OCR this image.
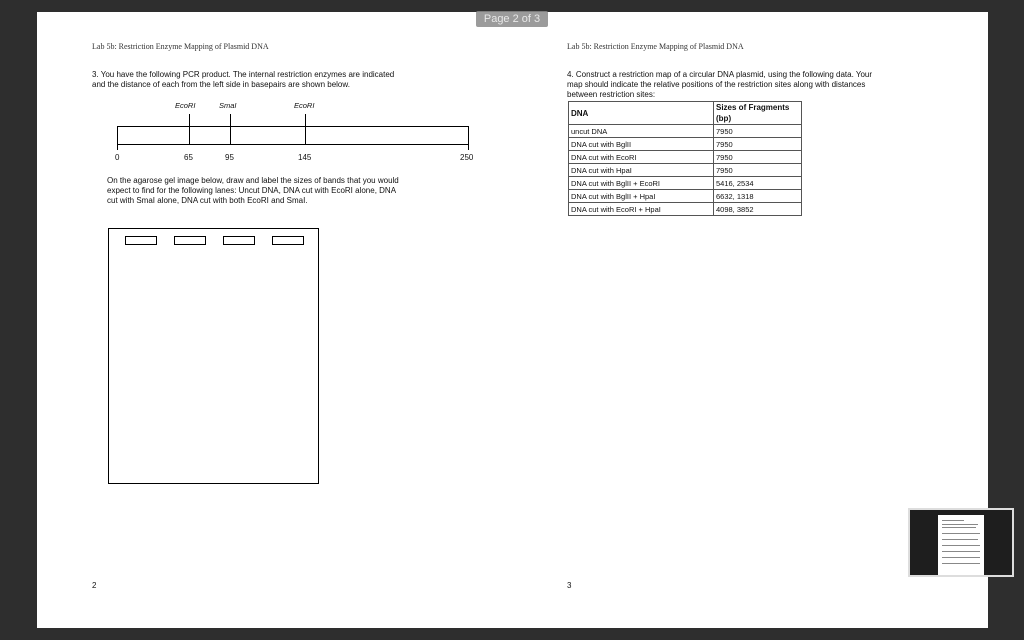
Page 2 of 3
Lab 5b: Restriction Enzyme Mapping of Plasmid DNA
3. You have the following PCR product. The internal restriction enzymes are indicated
and the distance of each from the left side in basepairs are shown below.
EcoRI	SmaI	EcoRI
0	65	95	145	250
On the agarose gel image below, draw and label the sizes of bands that you would
expect to find for the following lanes: Uncut DNA, DNA cut with EcoRI alone, DNA
cut with SmaI alone, DNA cut with both EcoRI and SmaI.
2
Lab 5b: Restriction Enzyme Mapping of Plasmid DNA
4. Construct a restriction map of a circular DNA plasmid, using the following data. Your
map should indicate the relative positions of the restriction sites along with distances
between restriction sites:
DNA	Sizes of Fragments (bp)
uncut DNA	7950
DNA cut with BglII	7950
DNA cut with EcoRI	7950
DNA cut with HpaI	7950
DNA cut with BglII + EcoRI	5416, 2534
DNA cut with BglII + HpaI	6632, 1318
DNA cut with EcoRI + HpaI	4098, 3852
3
